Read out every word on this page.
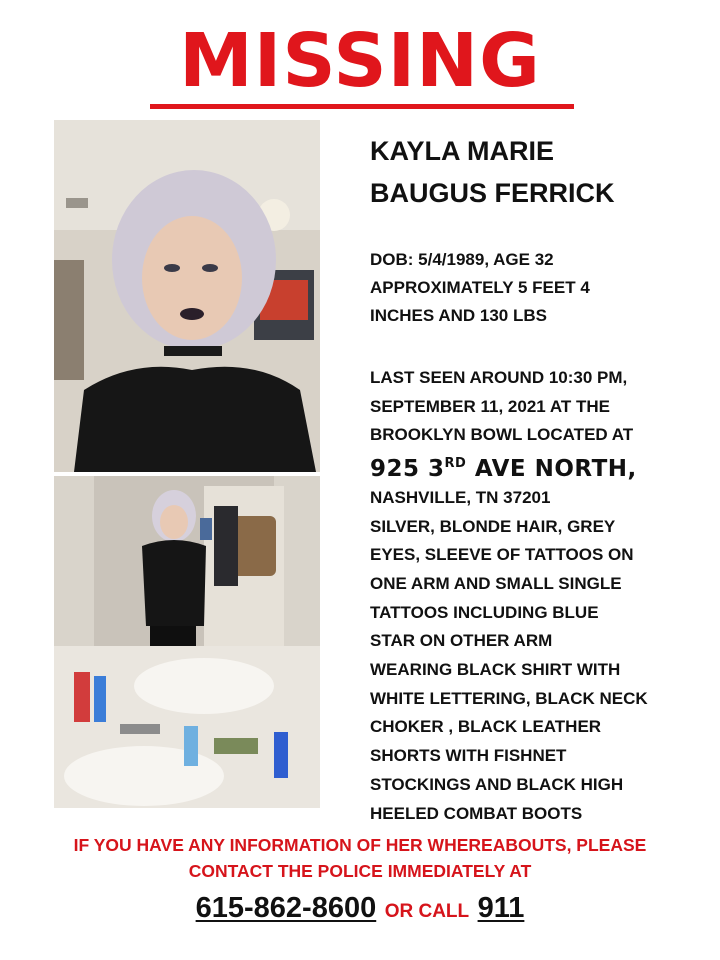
MISSING
KAYLA MARIE
BAUGUS FERRICK
DOB: 5/4/1989, AGE 32
APPROXIMATELY 5 FEET 4
INCHES AND 130 LBS
LAST SEEN AROUND 10:30 PM,
SEPTEMBER 11, 2021 AT THE
BROOKLYN BOWL LOCATED AT
925 3RD AVE NORTH,
NASHVILLE, TN 37201
SILVER, BLONDE HAIR, GREY
EYES, SLEEVE OF TATTOOS ON
ONE ARM AND SMALL SINGLE
TATTOOS INCLUDING BLUE
STAR ON OTHER ARM
WEARING BLACK SHIRT WITH
WHITE LETTERING, BLACK NECK
CHOKER , BLACK LEATHER
SHORTS WITH FISHNET
STOCKINGS AND BLACK HIGH
HEELED COMBAT BOOTS
IF YOU HAVE ANY INFORMATION OF HER WHEREABOUTS, PLEASE
CONTACT THE POLICE IMMEDIATELY AT
615-862-8600 OR CALL 911
